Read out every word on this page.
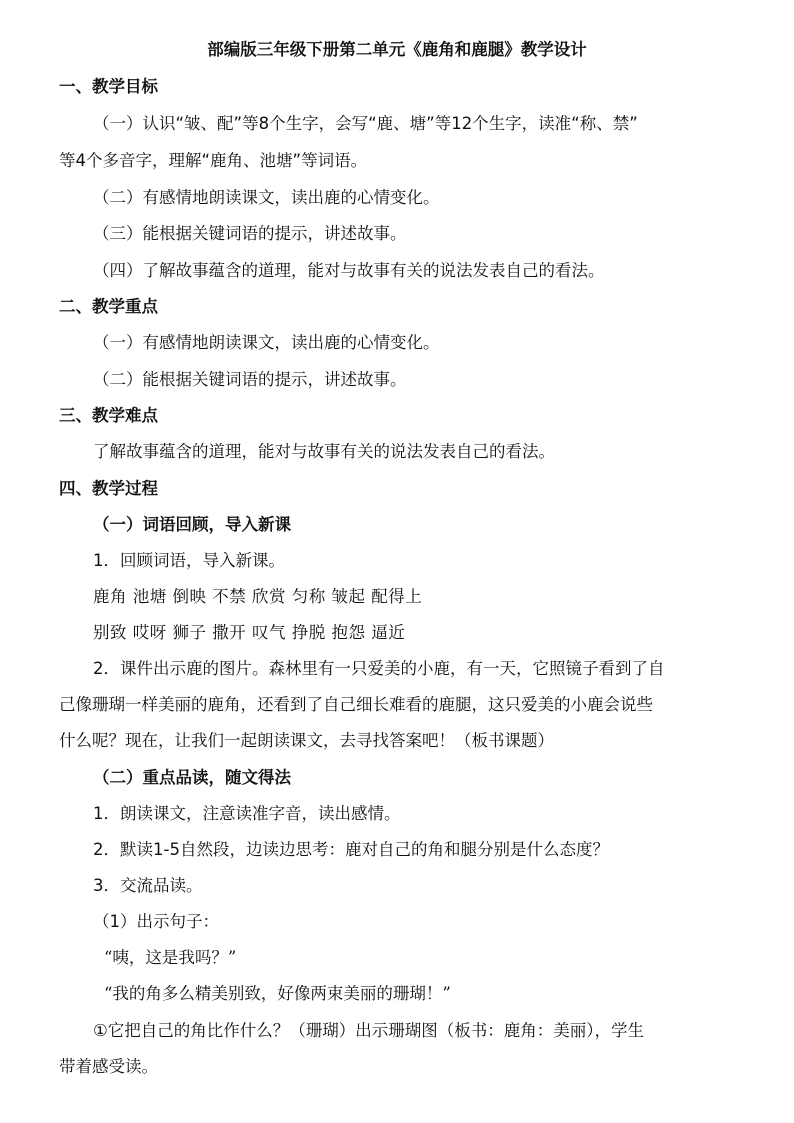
部编版三年级下册第二单元《鹿角和鹿腿》教学设计
一、教学目标
（一）认识“皱、配”等8个生字，会写“鹿、塘”等12个生字，读准“称、禁”
等4个多音字，理解“鹿角、池塘”等词语。
（二）有感情地朗读课文，读出鹿的心情变化。
（三）能根据关键词语的提示，讲述故事。
（四）了解故事蕴含的道理，能对与故事有关的说法发表自己的看法。
二、教学重点
（一）有感情地朗读课文，读出鹿的心情变化。
（二）能根据关键词语的提示，讲述故事。
三、教学难点
了解故事蕴含的道理，能对与故事有关的说法发表自己的看法。
四、教学过程
（一）词语回顾，导入新课
1．回顾词语，导入新课。
鹿角 池塘 倒映 不禁 欣赏 匀称 皱起 配得上
别致 哎呀 狮子 撒开 叹气 挣脱 抱怨 逼近
2．课件出示鹿的图片。森林里有一只爱美的小鹿，有一天，它照镜子看到了自
己像珊瑚一样美丽的鹿角，还看到了自己细长难看的鹿腿，这只爱美的小鹿会说些
什么呢？现在，让我们一起朗读课文，去寻找答案吧！（板书课题）
（二）重点品读，随文得法
1．朗读课文，注意读准字音，读出感情。
2．默读1-5自然段，边读边思考：鹿对自己的角和腿分别是什么态度？
3．交流品读。
（1）出示句子：
“咦，这是我吗？”
“我的角多么精美别致，好像两束美丽的珊瑚！”
①它把自己的角比作什么？（珊瑚）出示珊瑚图（板书：鹿角：美丽），学生
带着感受读。
